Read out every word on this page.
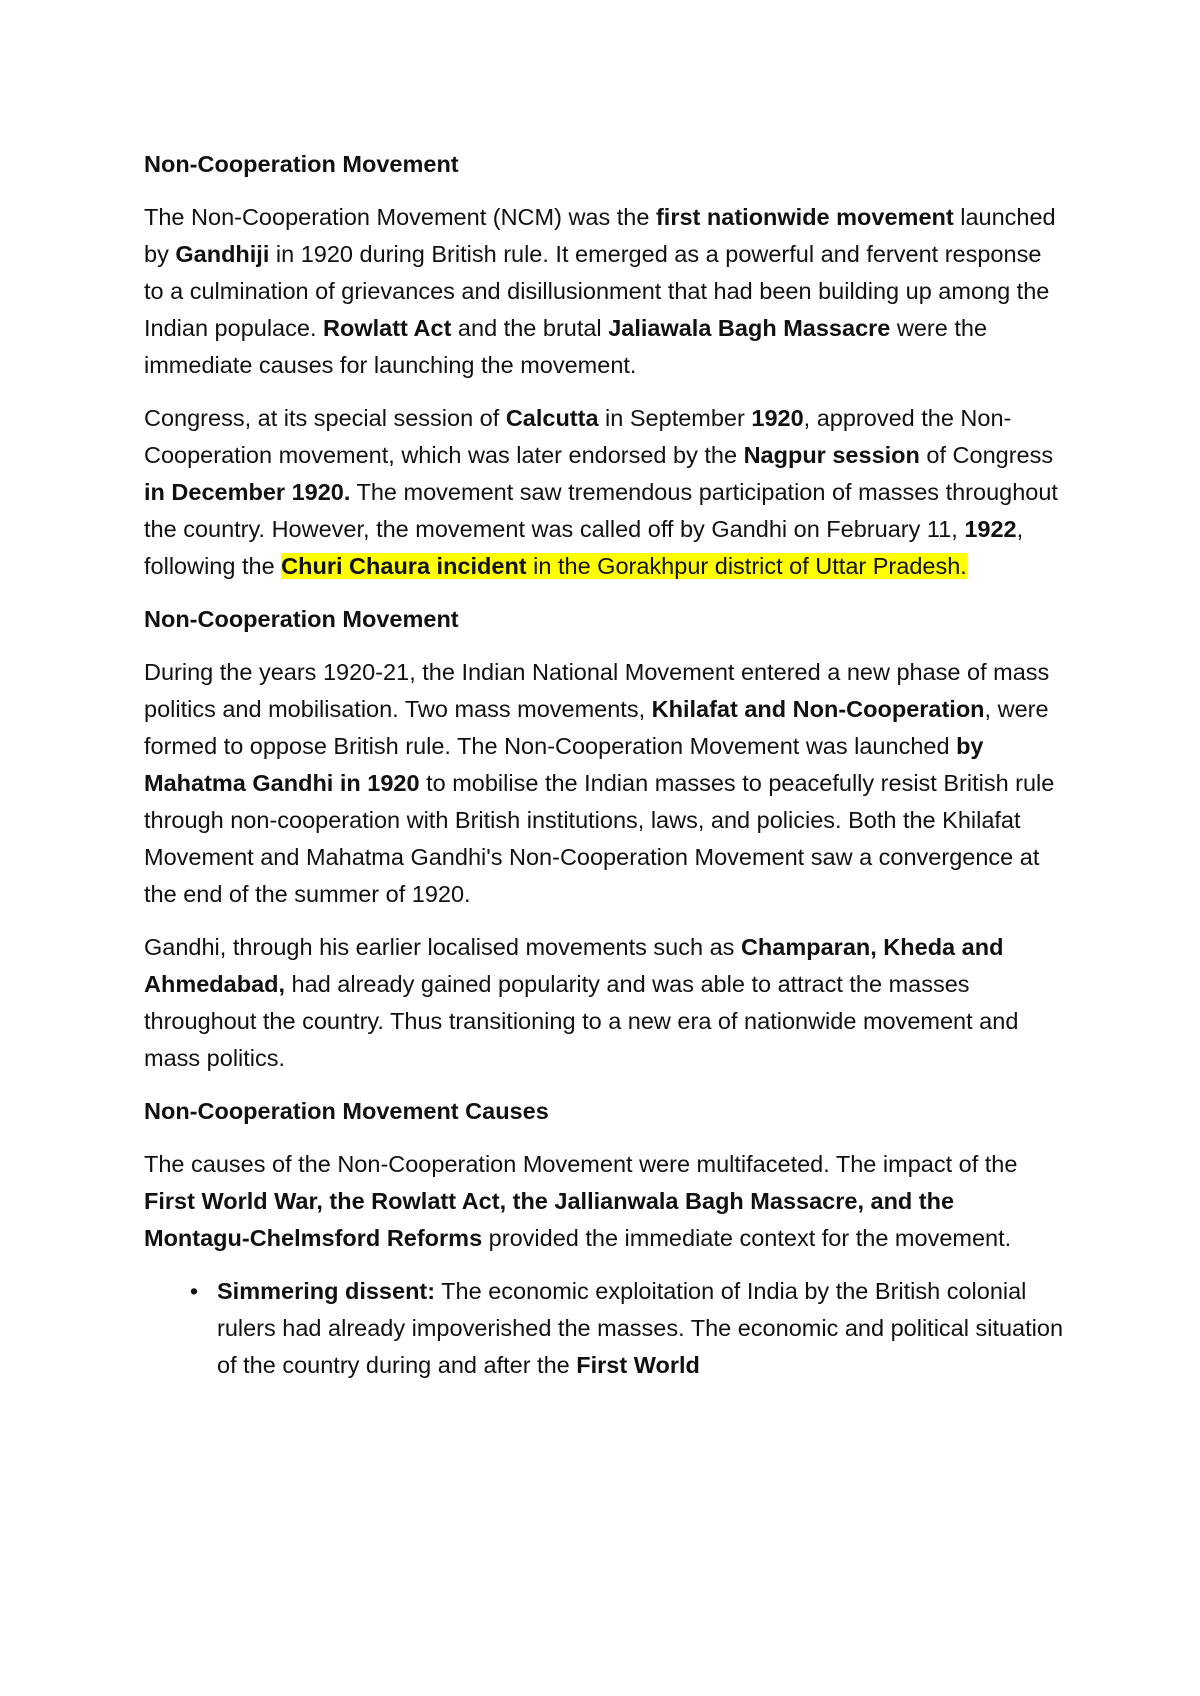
Non-Cooperation Movement

The Non-Cooperation Movement (NCM) was the first nationwide movement launched by Gandhiji in 1920 during British rule. It emerged as a powerful and fervent response to a culmination of grievances and disillusionment that had been building up among the Indian populace. Rowlatt Act and the brutal Jaliawala Bagh Massacre were the immediate causes for launching the movement.

Congress, at its special session of Calcutta in September 1920, approved the Non-Cooperation movement, which was later endorsed by the Nagpur session of Congress in December 1920. The movement saw tremendous participation of masses throughout the country. However, the movement was called off by Gandhi on February 11, 1922, following the Churi Chaura incident in the Gorakhpur district of Uttar Pradesh.

Non-Cooperation Movement

During the years 1920-21, the Indian National Movement entered a new phase of mass politics and mobilisation. Two mass movements, Khilafat and Non-Cooperation, were formed to oppose British rule. The Non-Cooperation Movement was launched by Mahatma Gandhi in 1920 to mobilise the Indian masses to peacefully resist British rule through non-cooperation with British institutions, laws, and policies. Both the Khilafat Movement and Mahatma Gandhi's Non-Cooperation Movement saw a convergence at the end of the summer of 1920.

Gandhi, through his earlier localised movements such as Champaran, Kheda and Ahmedabad, had already gained popularity and was able to attract the masses throughout the country. Thus transitioning to a new era of nationwide movement and mass politics.

Non-Cooperation Movement Causes

The causes of the Non-Cooperation Movement were multifaceted. The impact of the First World War, the Rowlatt Act, the Jallianwala Bagh Massacre, and the Montagu-Chelmsford Reforms provided the immediate context for the movement.

• Simmering dissent: The economic exploitation of India by the British colonial rulers had already impoverished the masses. The economic and political situation of the country during and after the First World
